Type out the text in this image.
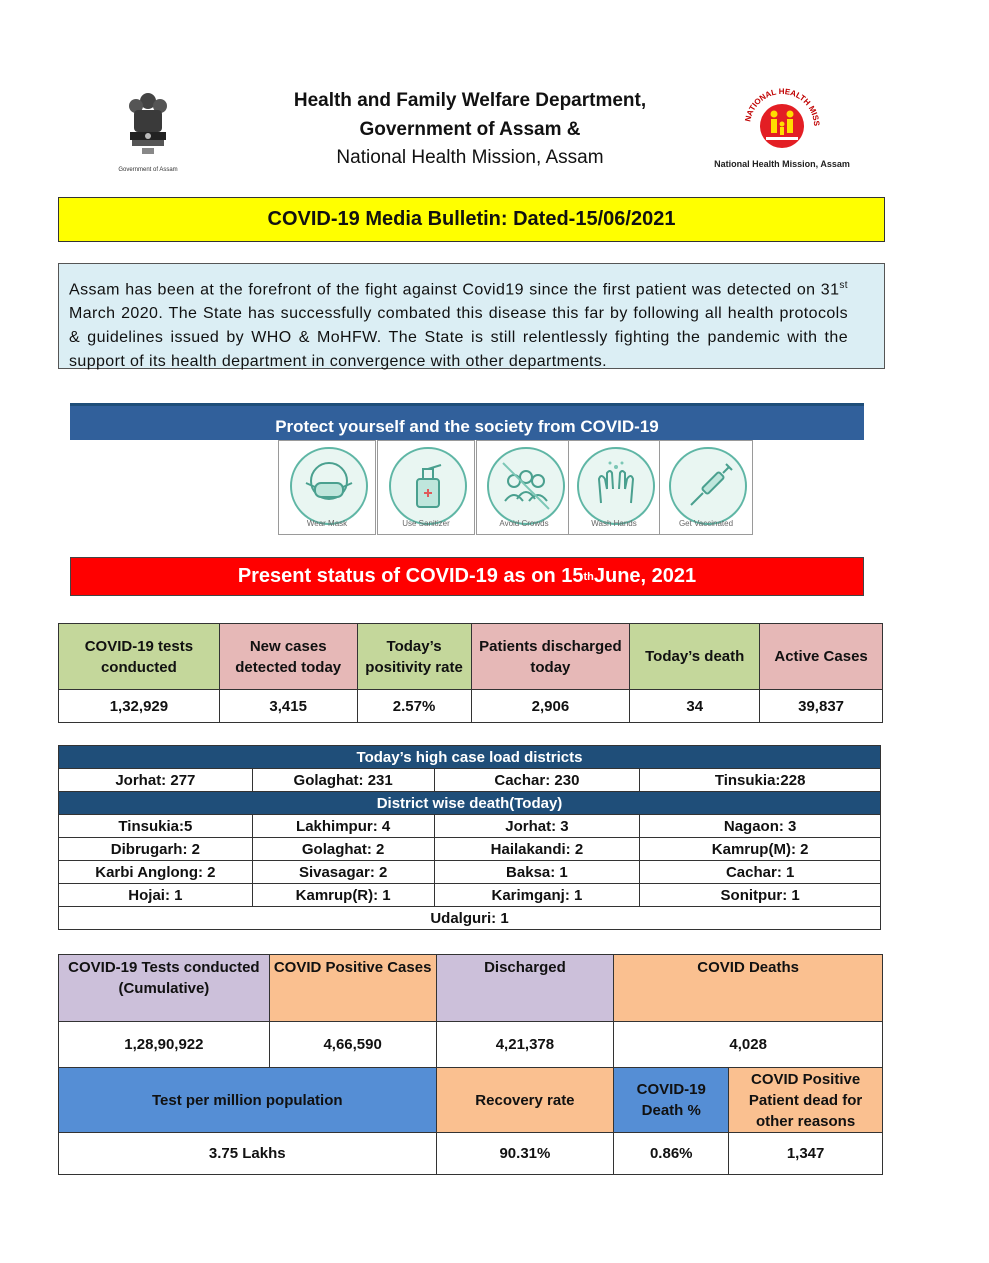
Government of Assam
Health and Family Welfare Department,
Government of Assam &
National Health Mission, Assam
NATIONAL HEALTH MISS
National Health Mission, Assam
COVID-19 Media Bulletin: Dated-15/06/2021
Assam has been at the forefront of the fight against Covid19 since the first patient was detected on 31st March 2020. The State has successfully combated this disease this far by following all health protocols & guidelines issued by WHO & MoHFW. The State is still relentlessly fighting the pandemic with the support of its health department in convergence with other departments.
Protect yourself and the society from COVID-19
Wear Mask	Use Sanitizer	Avoid Crowds	Wash Hands	Get Vaccinated
Present status of COVID-19 as on 15 th June, 2021
COVID-19 tests conducted	New cases detected today	Today’s positivity rate	Patients discharged today	Today’s death	Active Cases
1,32,929	3,415	2.57%	2,906	34	39,837
Today’s high case load districts			
Jorhat: 277	Golaghat: 231	Cachar: 230	Tinsukia:228
District wise death(Today)			
Tinsukia:5	Lakhimpur: 4	Jorhat: 3	Nagaon: 3
Dibrugarh: 2	Golaghat: 2	Hailakandi: 2	Kamrup(M): 2
Karbi Anglong: 2	Sivasagar: 2	Baksa: 1	Cachar: 1
Hojai: 1	Kamrup(R): 1	Karimganj: 1	Sonitpur: 1
Udalguri: 1			
COVID-19 Tests conducted (Cumulative)	COVID Positive Cases	Discharged	COVID Deaths	
1,28,90,922	4,66,590	4,21,378	4,028	
Test per million population		Recovery rate	COVID-19 Death %	COVID Positive Patient dead for other reasons
3.75 Lakhs		90.31%	0.86%	1,347
